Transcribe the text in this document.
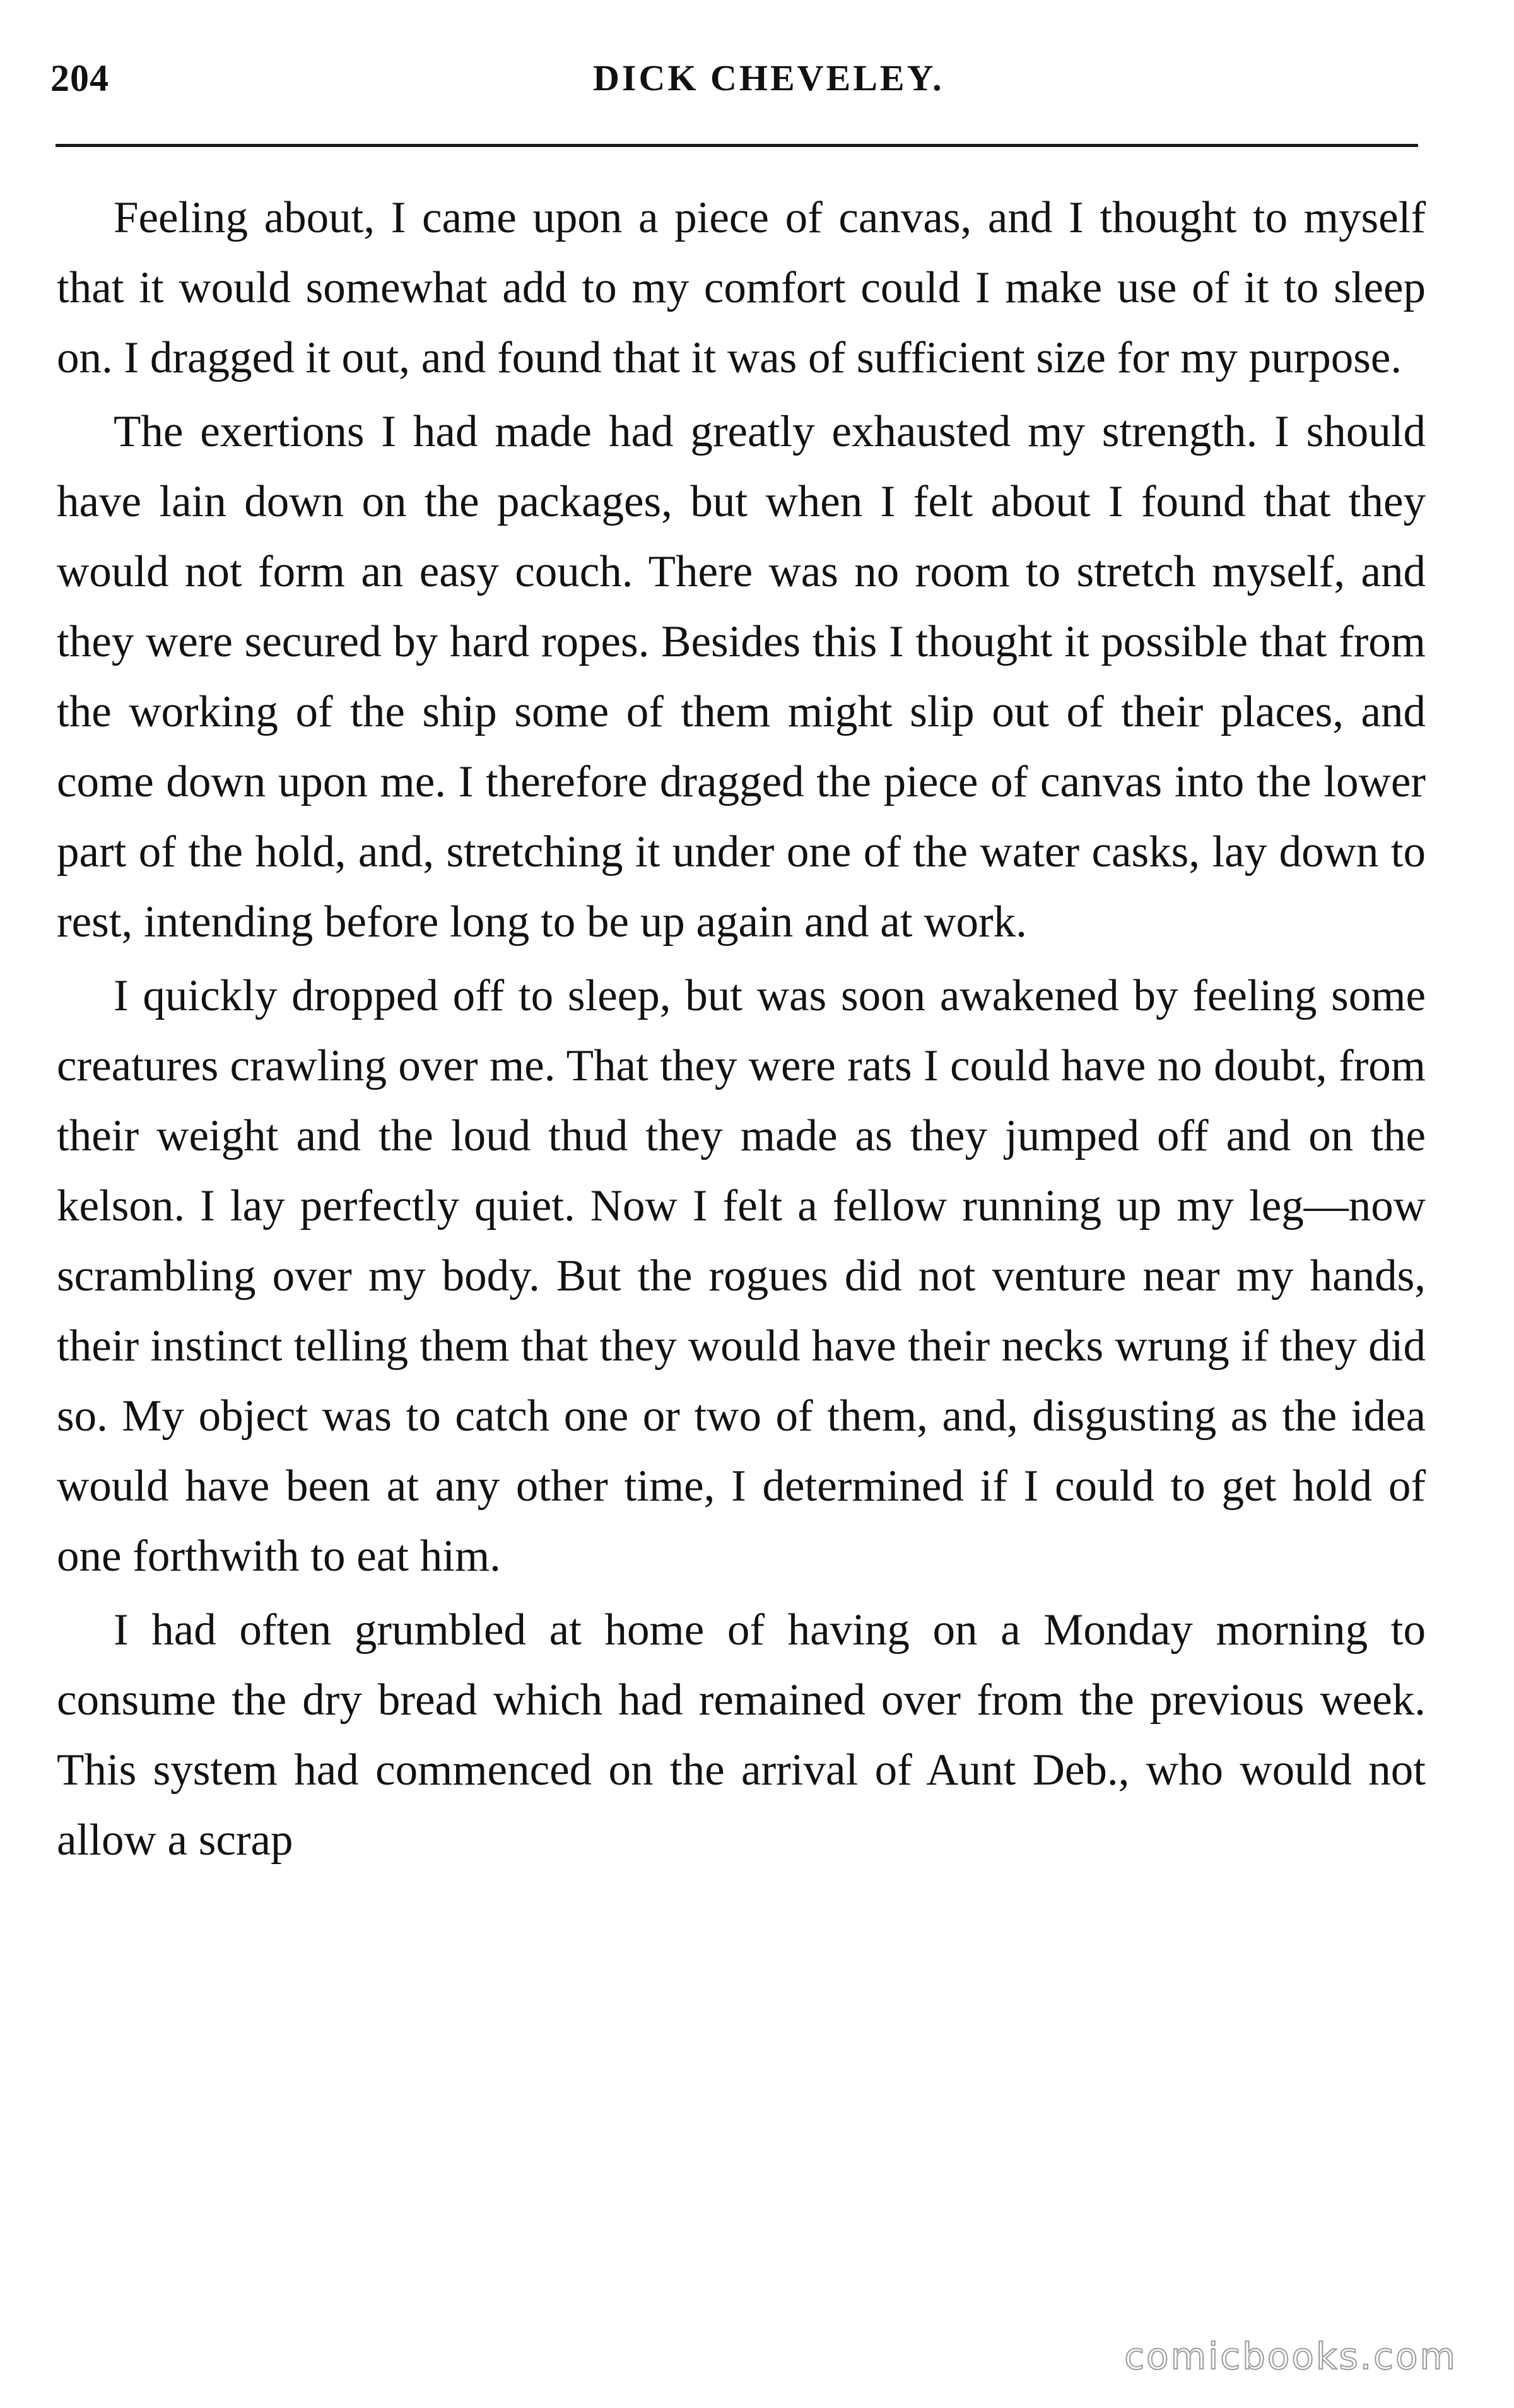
204	DICK CHEVELEY.

Feeling about, I came upon a piece of canvas, and I thought to myself that it would somewhat add to my comfort could I make use of it to sleep on. I dragged it out, and found that it was of sufficient size for my purpose.

The exertions I had made had greatly exhausted my strength. I should have lain down on the packages, but when I felt about I found that they would not form an easy couch. There was no room to stretch myself, and they were secured by hard ropes. Besides this I thought it possible that from the working of the ship some of them might slip out of their places, and come down upon me. I therefore dragged the piece of canvas into the lower part of the hold, and, stretching it under one of the water casks, lay down to rest, intending before long to be up again and at work.

I quickly dropped off to sleep, but was soon awakened by feeling some creatures crawling over me. That they were rats I could have no doubt, from their weight and the loud thud they made as they jumped off and on the kelson. I lay perfectly quiet. Now I felt a fellow running up my leg—now scrambling over my body. But the rogues did not venture near my hands, their instinct telling them that they would have their necks wrung if they did so. My object was to catch one or two of them, and, disgusting as the idea would have been at any other time, I determined if I could to get hold of one forthwith to eat him.

I had often grumbled at home of having on a Monday morning to consume the dry bread which had remained over from the previous week. This system had commenced on the arrival of Aunt Deb., who would not allow a scrap

comicbooks.com
